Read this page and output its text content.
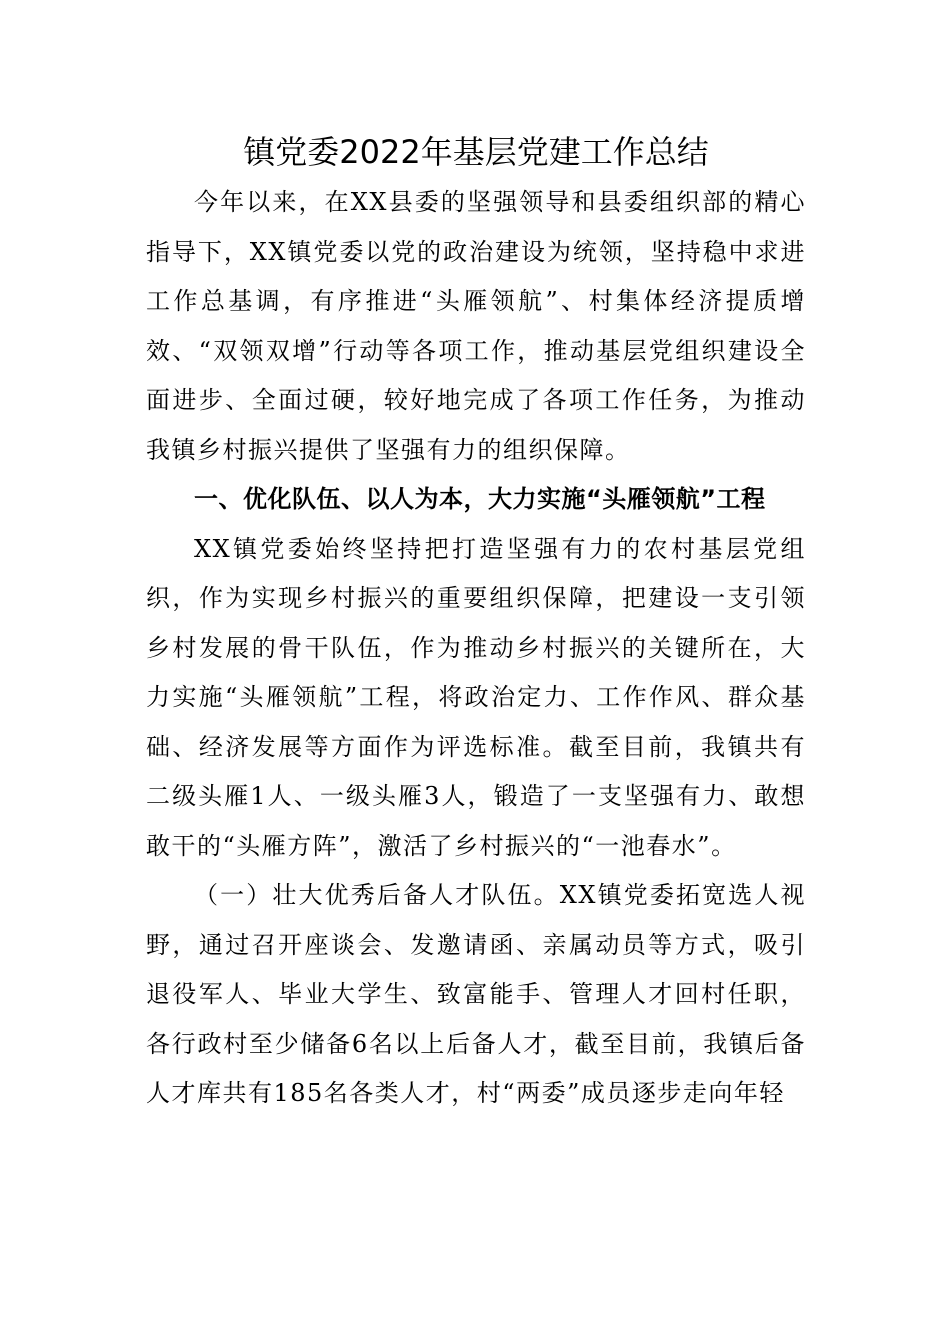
镇党委2022年基层党建工作总结

今年以来，在XX县委的坚强领导和县委组织部的精心指导下，XX镇党委以党的政治建设为统领，坚持稳中求进工作总基调，有序推进“头雁领航”、村集体经济提质增效、“双领双增”行动等各项工作，推动基层党组织建设全面进步、全面过硬，较好地完成了各项工作任务，为推动我镇乡村振兴提供了坚强有力的组织保障。

一、优化队伍、以人为本，大力实施“头雁领航”工程

XX镇党委始终坚持把打造坚强有力的农村基层党组织，作为实现乡村振兴的重要组织保障，把建设一支引领乡村发展的骨干队伍，作为推动乡村振兴的关键所在，大力实施“头雁领航”工程，将政治定力、工作作风、群众基础、经济发展等方面作为评选标准。截至目前，我镇共有二级头雁1人、一级头雁3人，锻造了一支坚强有力、敢想敢干的“头雁方阵”，激活了乡村振兴的“一池春水”。

（一）壮大优秀后备人才队伍。XX镇党委拓宽选人视野，通过召开座谈会、发邀请函、亲属动员等方式，吸引退役军人、毕业大学生、致富能手、管理人才回村任职，各行政村至少储备6名以上后备人才，截至目前，我镇后备人才库共有185名各类人才，村“两委”成员逐步走向年轻
